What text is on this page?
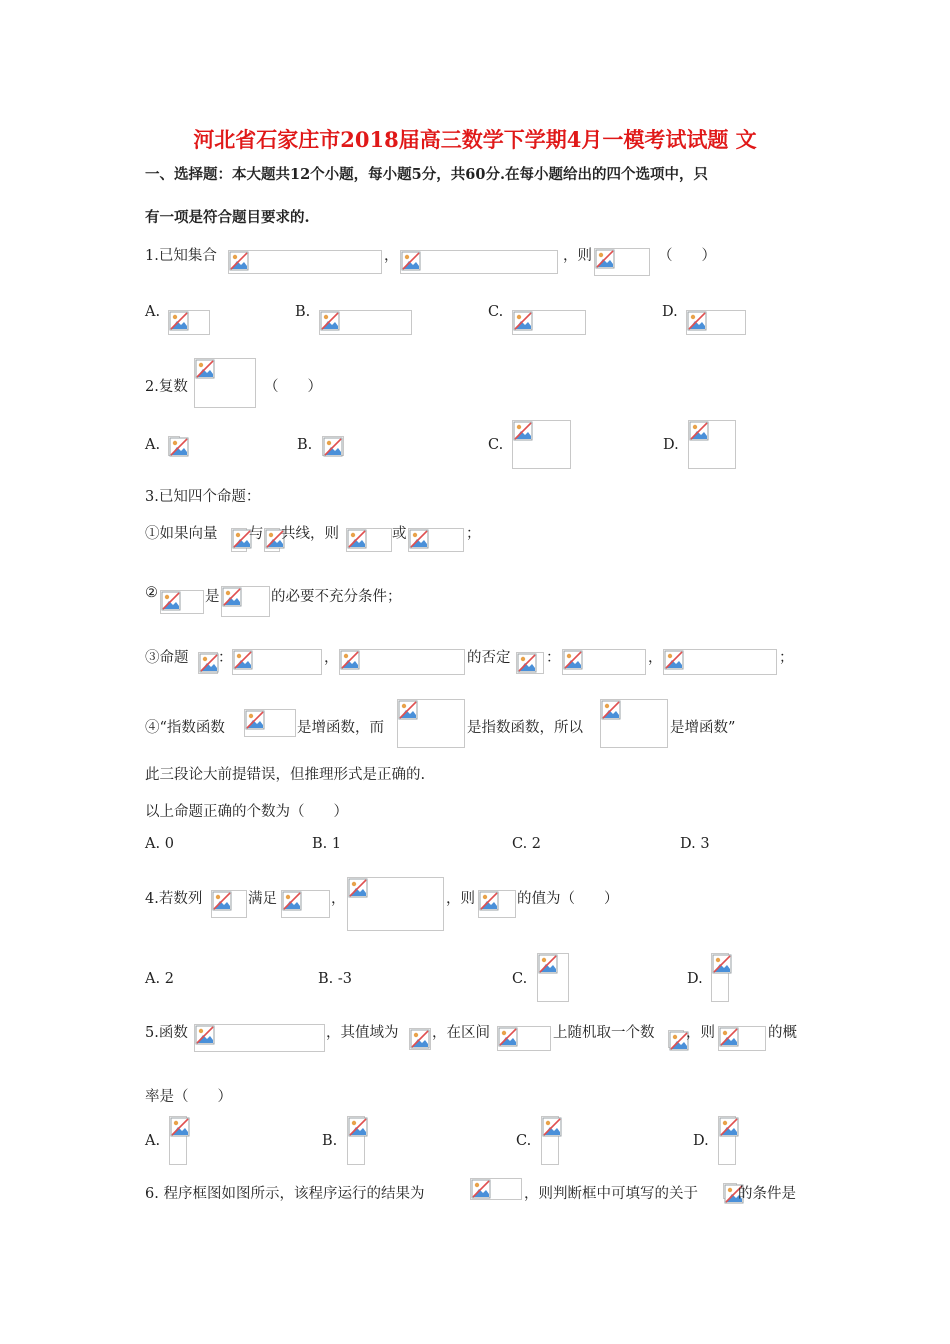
河北省石家庄市2018届高三数学下学期4月一模考试试题 文
一、选择题：本大题共12个小题，每小题5分，共60分.在每小题给出的四个选项中，只
有一项是符合题目要求的.
1.已知集合	，	，则	（　　）
A.	B.	C.	D.
2.复数	（　　）
A.	B.	C.	D.
3.已知四个命题：
①如果向量 与 共线，则	或	；
②	是	的必要不充分条件；
③命题 ：	，	的否定 ：	，	；
④“指数函数	是增函数，而	是指数函数，所以	是增函数”
此三段论大前提错误，但推理形式是正确的.
以上命题正确的个数为（　　）
A. 0	B. 1	C. 2	D. 3
4.若数列	满足	，	，则	的值为（　　）
A. 2	B. -3	C.	D.
5.函数	，其值域为 ，在区间	上随机取一个数 ，则	的概
率是（　　）
A.	B.	C.	D.
6. 程序框图如图所示，该程序运行的结果为	，则判断框中可填写的关于	的条件是
